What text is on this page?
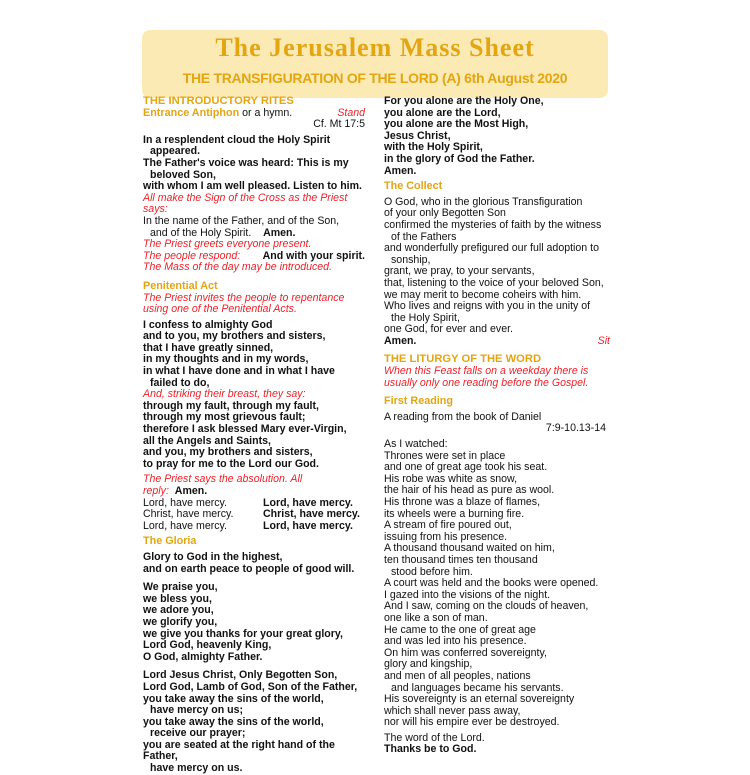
The Jerusalem Mass Sheet
THE TRANSFIGURATION OF THE LORD (A) 6th August 2020
THE INTRODUCTORY RITES
Entrance Antiphon or a hymn.	Stand
Cf. Mt 17:5
In a resplendent cloud the Holy Spirit
appeared.
The Father's voice was heard: This is my
beloved Son,
with whom I am well pleased. Listen to him.
All make the Sign of the Cross as the Priest says:
In the name of the Father, and of the Son,
and of the Holy Spirit. Amen.
The Priest greets everyone present.
The people respond: And with your spirit.
The Mass of the day may be introduced.
Penitential Act
The Priest invites the people to repentance using one of the Penitential Acts.
I confess to almighty God
and to you, my brothers and sisters,
that I have greatly sinned,
in my thoughts and in my words,
in what I have done and in what I have
failed to do,
And, striking their breast, they say:
through my fault, through my fault,
through my most grievous fault;
therefore I ask blessed Mary ever-Virgin,
all the Angels and Saints,
and you, my brothers and sisters,
to pray for me to the Lord our God.
The Priest says the absolution. All reply: Amen.
Lord, have mercy.	Lord, have mercy.
Christ, have mercy.	Christ, have mercy.
Lord, have mercy.	Lord, have mercy.
The Gloria
Glory to God in the highest,
and on earth peace to people of good will.
We praise you,
we bless you,
we adore you,
we glorify you,
we give you thanks for your great glory,
Lord God, heavenly King,
O God, almighty Father.
Lord Jesus Christ, Only Begotten Son,
Lord God, Lamb of God, Son of the Father,
you take away the sins of the world,
have mercy on us;
you take away the sins of the world,
receive our prayer;
you are seated at the right hand of the Father,
have mercy on us.
For you alone are the Holy One,
you alone are the Lord,
you alone are the Most High,
Jesus Christ,
with the Holy Spirit,
in the glory of God the Father.
Amen.
The Collect
O God, who in the glorious Transfiguration
of your only Begotten Son
confirmed the mysteries of faith by the witness
of the Fathers
and wonderfully prefigured our full adoption to
sonship,
grant, we pray, to your servants,
that, listening to the voice of your beloved Son,
we may merit to become coheirs with him.
Who lives and reigns with you in the unity of
the Holy Spirit,
one God, for ever and ever.
Amen.	Sit
THE LITURGY OF THE WORD
When this Feast falls on a weekday there is usually only one reading before the Gospel.
First Reading
A reading from the book of Daniel
7:9-10.13-14
As I watched:
Thrones were set in place
and one of great age took his seat.
His robe was white as snow,
the hair of his head as pure as wool.
His throne was a blaze of flames,
its wheels were a burning fire.
A stream of fire poured out,
issuing from his presence.
A thousand thousand waited on him,
ten thousand times ten thousand
stood before him.
A court was held and the books were opened.
I gazed into the visions of the night.
And I saw, coming on the clouds of heaven,
one like a son of man.
He came to the one of great age
and was led into his presence.
On him was conferred sovereignty,
glory and kingship,
and men of all peoples, nations
and languages became his servants.
His sovereignty is an eternal sovereignty
which shall never pass away,
nor will his empire ever be destroyed.
The word of the Lord.
Thanks be to God.
